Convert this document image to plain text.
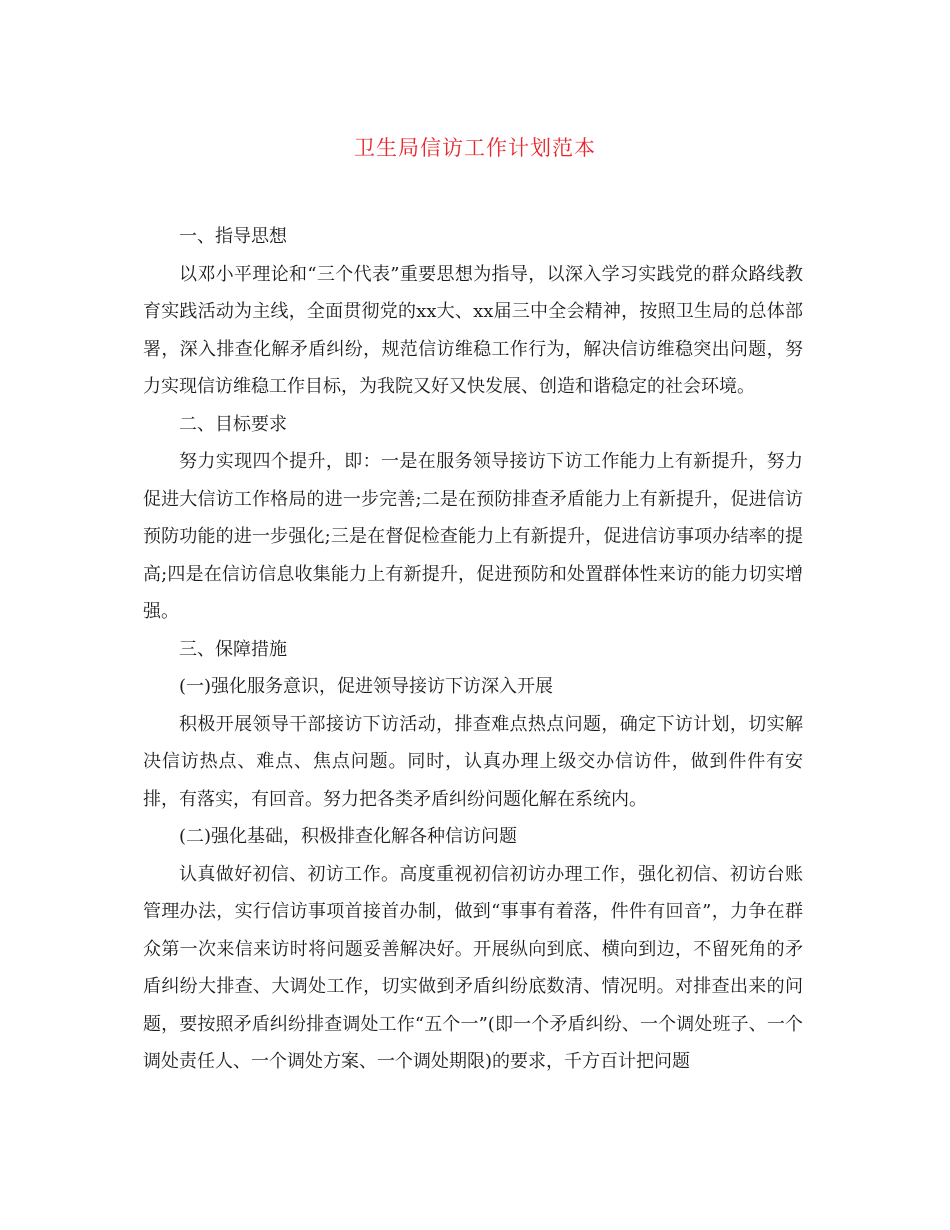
卫生局信访工作计划范本

一、指导思想

以邓小平理论和“三个代表”重要思想为指导，以深入学习实践党的群众路线教育实践活动为主线，全面贯彻党的xx大、xx届三中全会精神，按照卫生局的总体部署，深入排查化解矛盾纠纷，规范信访维稳工作行为，解决信访维稳突出问题，努力实现信访维稳工作目标，为我院又好又快发展、创造和谐稳定的社会环境。

二、目标要求

努力实现四个提升，即：一是在服务领导接访下访工作能力上有新提升，努力促进大信访工作格局的进一步完善;二是在预防排查矛盾能力上有新提升，促进信访预防功能的进一步强化;三是在督促检查能力上有新提升，促进信访事项办结率的提高;四是在信访信息收集能力上有新提升，促进预防和处置群体性来访的能力切实增强。

三、保障措施

(一)强化服务意识，促进领导接访下访深入开展

积极开展领导干部接访下访活动，排查难点热点问题，确定下访计划，切实解决信访热点、难点、焦点问题。同时，认真办理上级交办信访件，做到件件有安排，有落实，有回音。努力把各类矛盾纠纷问题化解在系统内。

(二)强化基础，积极排查化解各种信访问题

认真做好初信、初访工作。高度重视初信初访办理工作，强化初信、初访台账管理办法，实行信访事项首接首办制，做到“事事有着落，件件有回音”，力争在群众第一次来信来访时将问题妥善解决好。开展纵向到底、横向到边，不留死角的矛盾纠纷大排查、大调处工作，切实做到矛盾纠纷底数清、情况明。对排查出来的问题，要按照矛盾纠纷排查调处工作“五个一”(即一个矛盾纠纷、一个调处班子、一个调处责任人、一个调处方案、一个调处期限)的要求，千方百计把问题
